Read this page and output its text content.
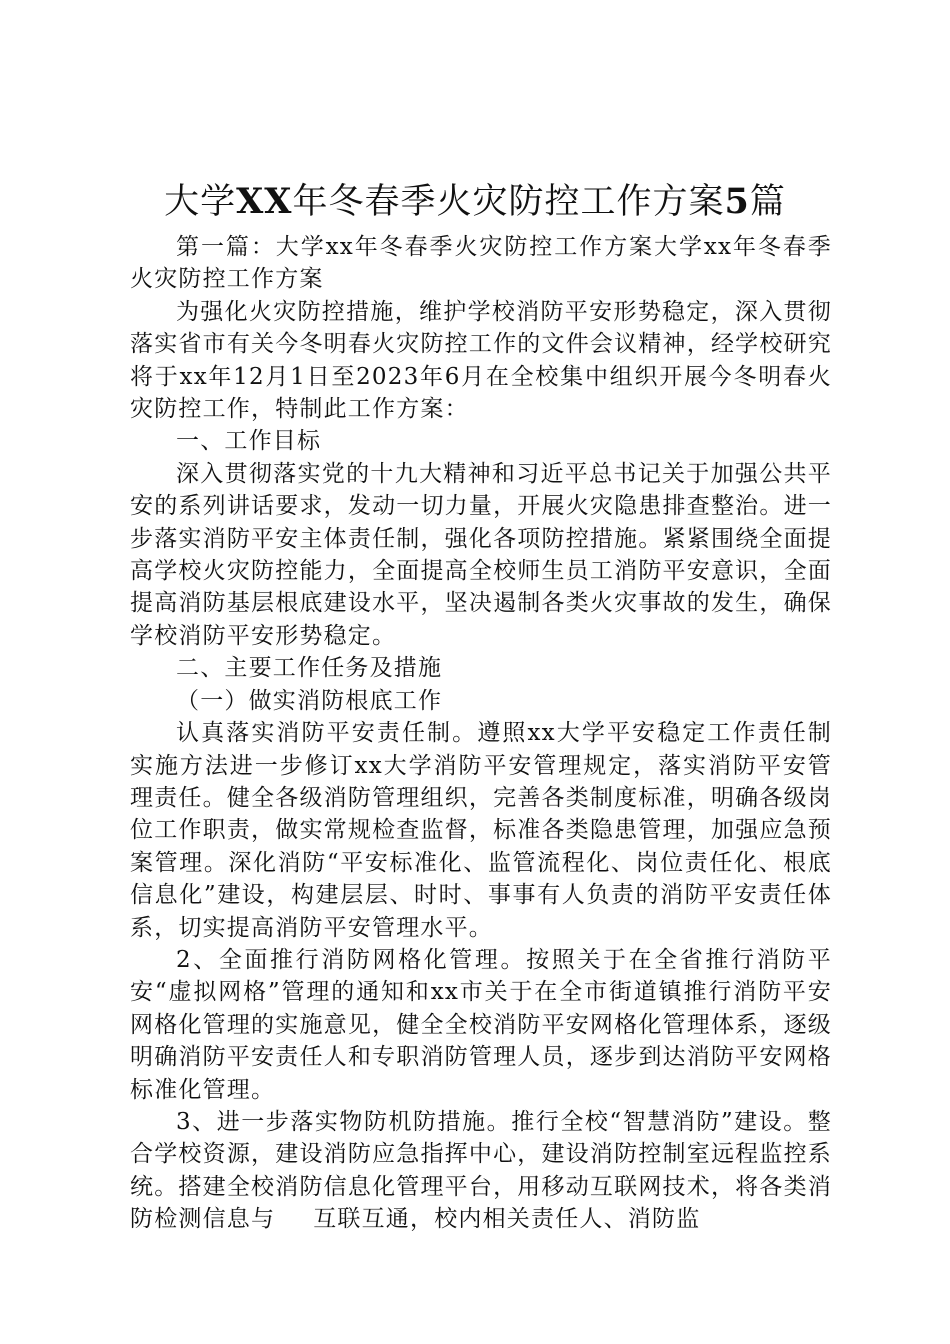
大学XX年冬春季火灾防控工作方案5篇

第一篇：大学xx年冬春季火灾防控工作方案大学xx年冬春季火灾防控工作方案

为强化火灾防控措施，维护学校消防平安形势稳定，深入贯彻落实省市有关今冬明春火灾防控工作的文件会议精神，经学校研究将于xx年12月1日至2023年6月在全校集中组织开展今冬明春火灾防控工作，特制此工作方案：

一、工作目标

深入贯彻落实党的十九大精神和习近平总书记关于加强公共平安的系列讲话要求，发动一切力量，开展火灾隐患排查整治。进一步落实消防平安主体责任制，强化各项防控措施。紧紧围绕全面提高学校火灾防控能力，全面提高全校师生员工消防平安意识，全面提高消防基层根底建设水平，坚决遏制各类火灾事故的发生，确保学校消防平安形势稳定。

二、主要工作任务及措施

（一）做实消防根底工作

认真落实消防平安责任制。遵照xx大学平安稳定工作责任制实施方法进一步修订xx大学消防平安管理规定，落实消防平安管理责任。健全各级消防管理组织，完善各类制度标准，明确各级岗位工作职责，做实常规检查监督，标准各类隐患管理，加强应急预案管理。深化消防“平安标准化、监管流程化、岗位责任化、根底信息化”建设，构建层层、时时、事事有人负责的消防平安责任体系，切实提高消防平安管理水平。

2、全面推行消防网格化管理。按照关于在全省推行消防平安“虚拟网格”管理的通知和xx市关于在全市街道镇推行消防平安网格化管理的实施意见，健全全校消防平安网格化管理体系，逐级明确消防平安责任人和专职消防管理人员，逐步到达消防平安网格标准化管理。

3、进一步落实物防机防措施。推行全校“智慧消防”建设。整合学校资源，建设消防应急指挥中心，建设消防控制室远程监控系统。搭建全校消防信息化管理平台，用移动互联网技术，将各类消防检测信息与 互联互通，校内相关责任人、消防监
